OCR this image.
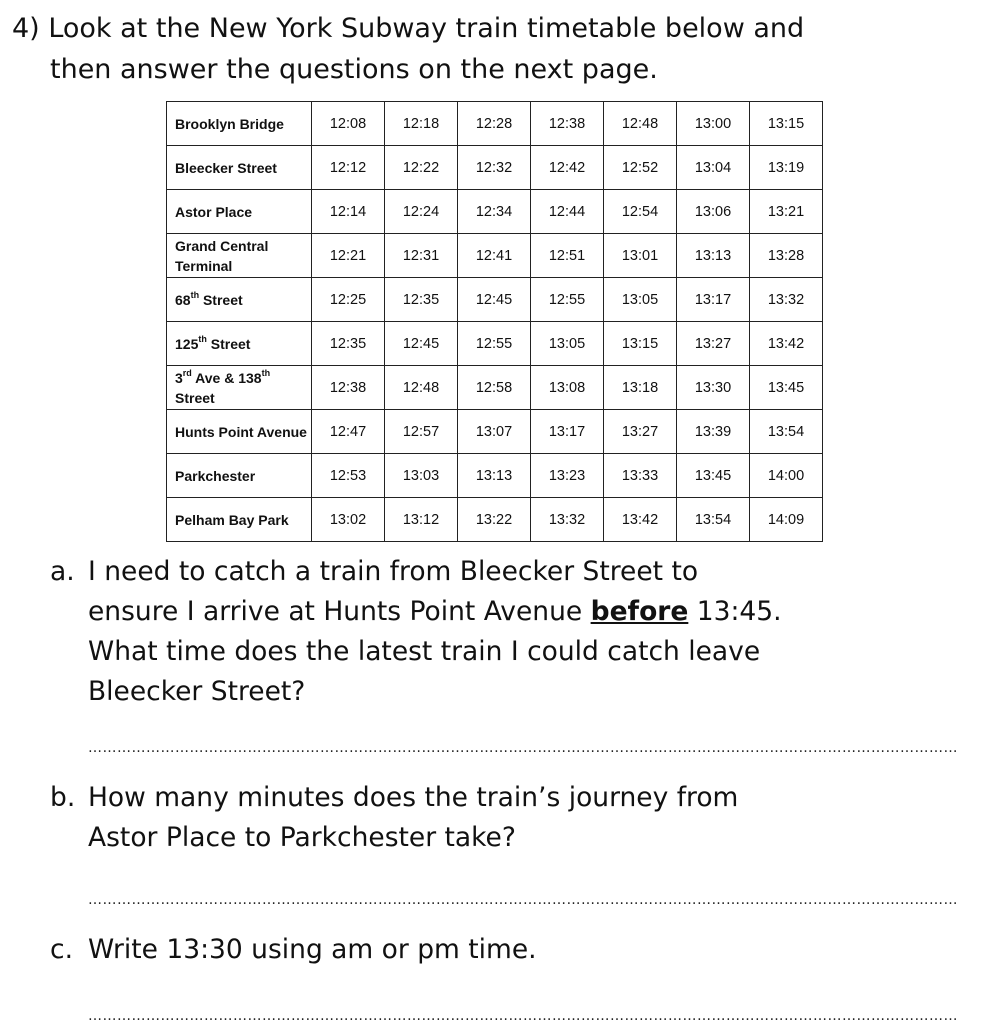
4) Look at the New York Subway train timetable below and
then answer the questions on the next page.
Brooklyn Bridge	12:08	12:18	12:28	12:38	12:48	13:00	13:15
Bleecker Street	12:12	12:22	12:32	12:42	12:52	13:04	13:19
Astor Place	12:14	12:24	12:34	12:44	12:54	13:06	13:21
Grand Central Terminal	12:21	12:31	12:41	12:51	13:01	13:13	13:28
68th Street	12:25	12:35	12:45	12:55	13:05	13:17	13:32
125th Street	12:35	12:45	12:55	13:05	13:15	13:27	13:42
3rd Ave & 138th Street	12:38	12:48	12:58	13:08	13:18	13:30	13:45
Hunts Point Avenue	12:47	12:57	13:07	13:17	13:27	13:39	13:54
Parkchester	12:53	13:03	13:13	13:23	13:33	13:45	14:00
Pelham Bay Park	13:02	13:12	13:22	13:32	13:42	13:54	14:09
a. I need to catch a train from Bleecker Street to
ensure I arrive at Hunts Point Avenue before 13:45.
What time does the latest train I could catch leave
Bleecker Street?
………………………………………………………………………………………………………………………………………………………………
b. How many minutes does the train’s journey from
Astor Place to Parkchester take?
………………………………………………………………………………………………………………………………………………………………
c. Write 13:30 using am or pm time.
………………………………………………………………………………………………………………………………………………………………
